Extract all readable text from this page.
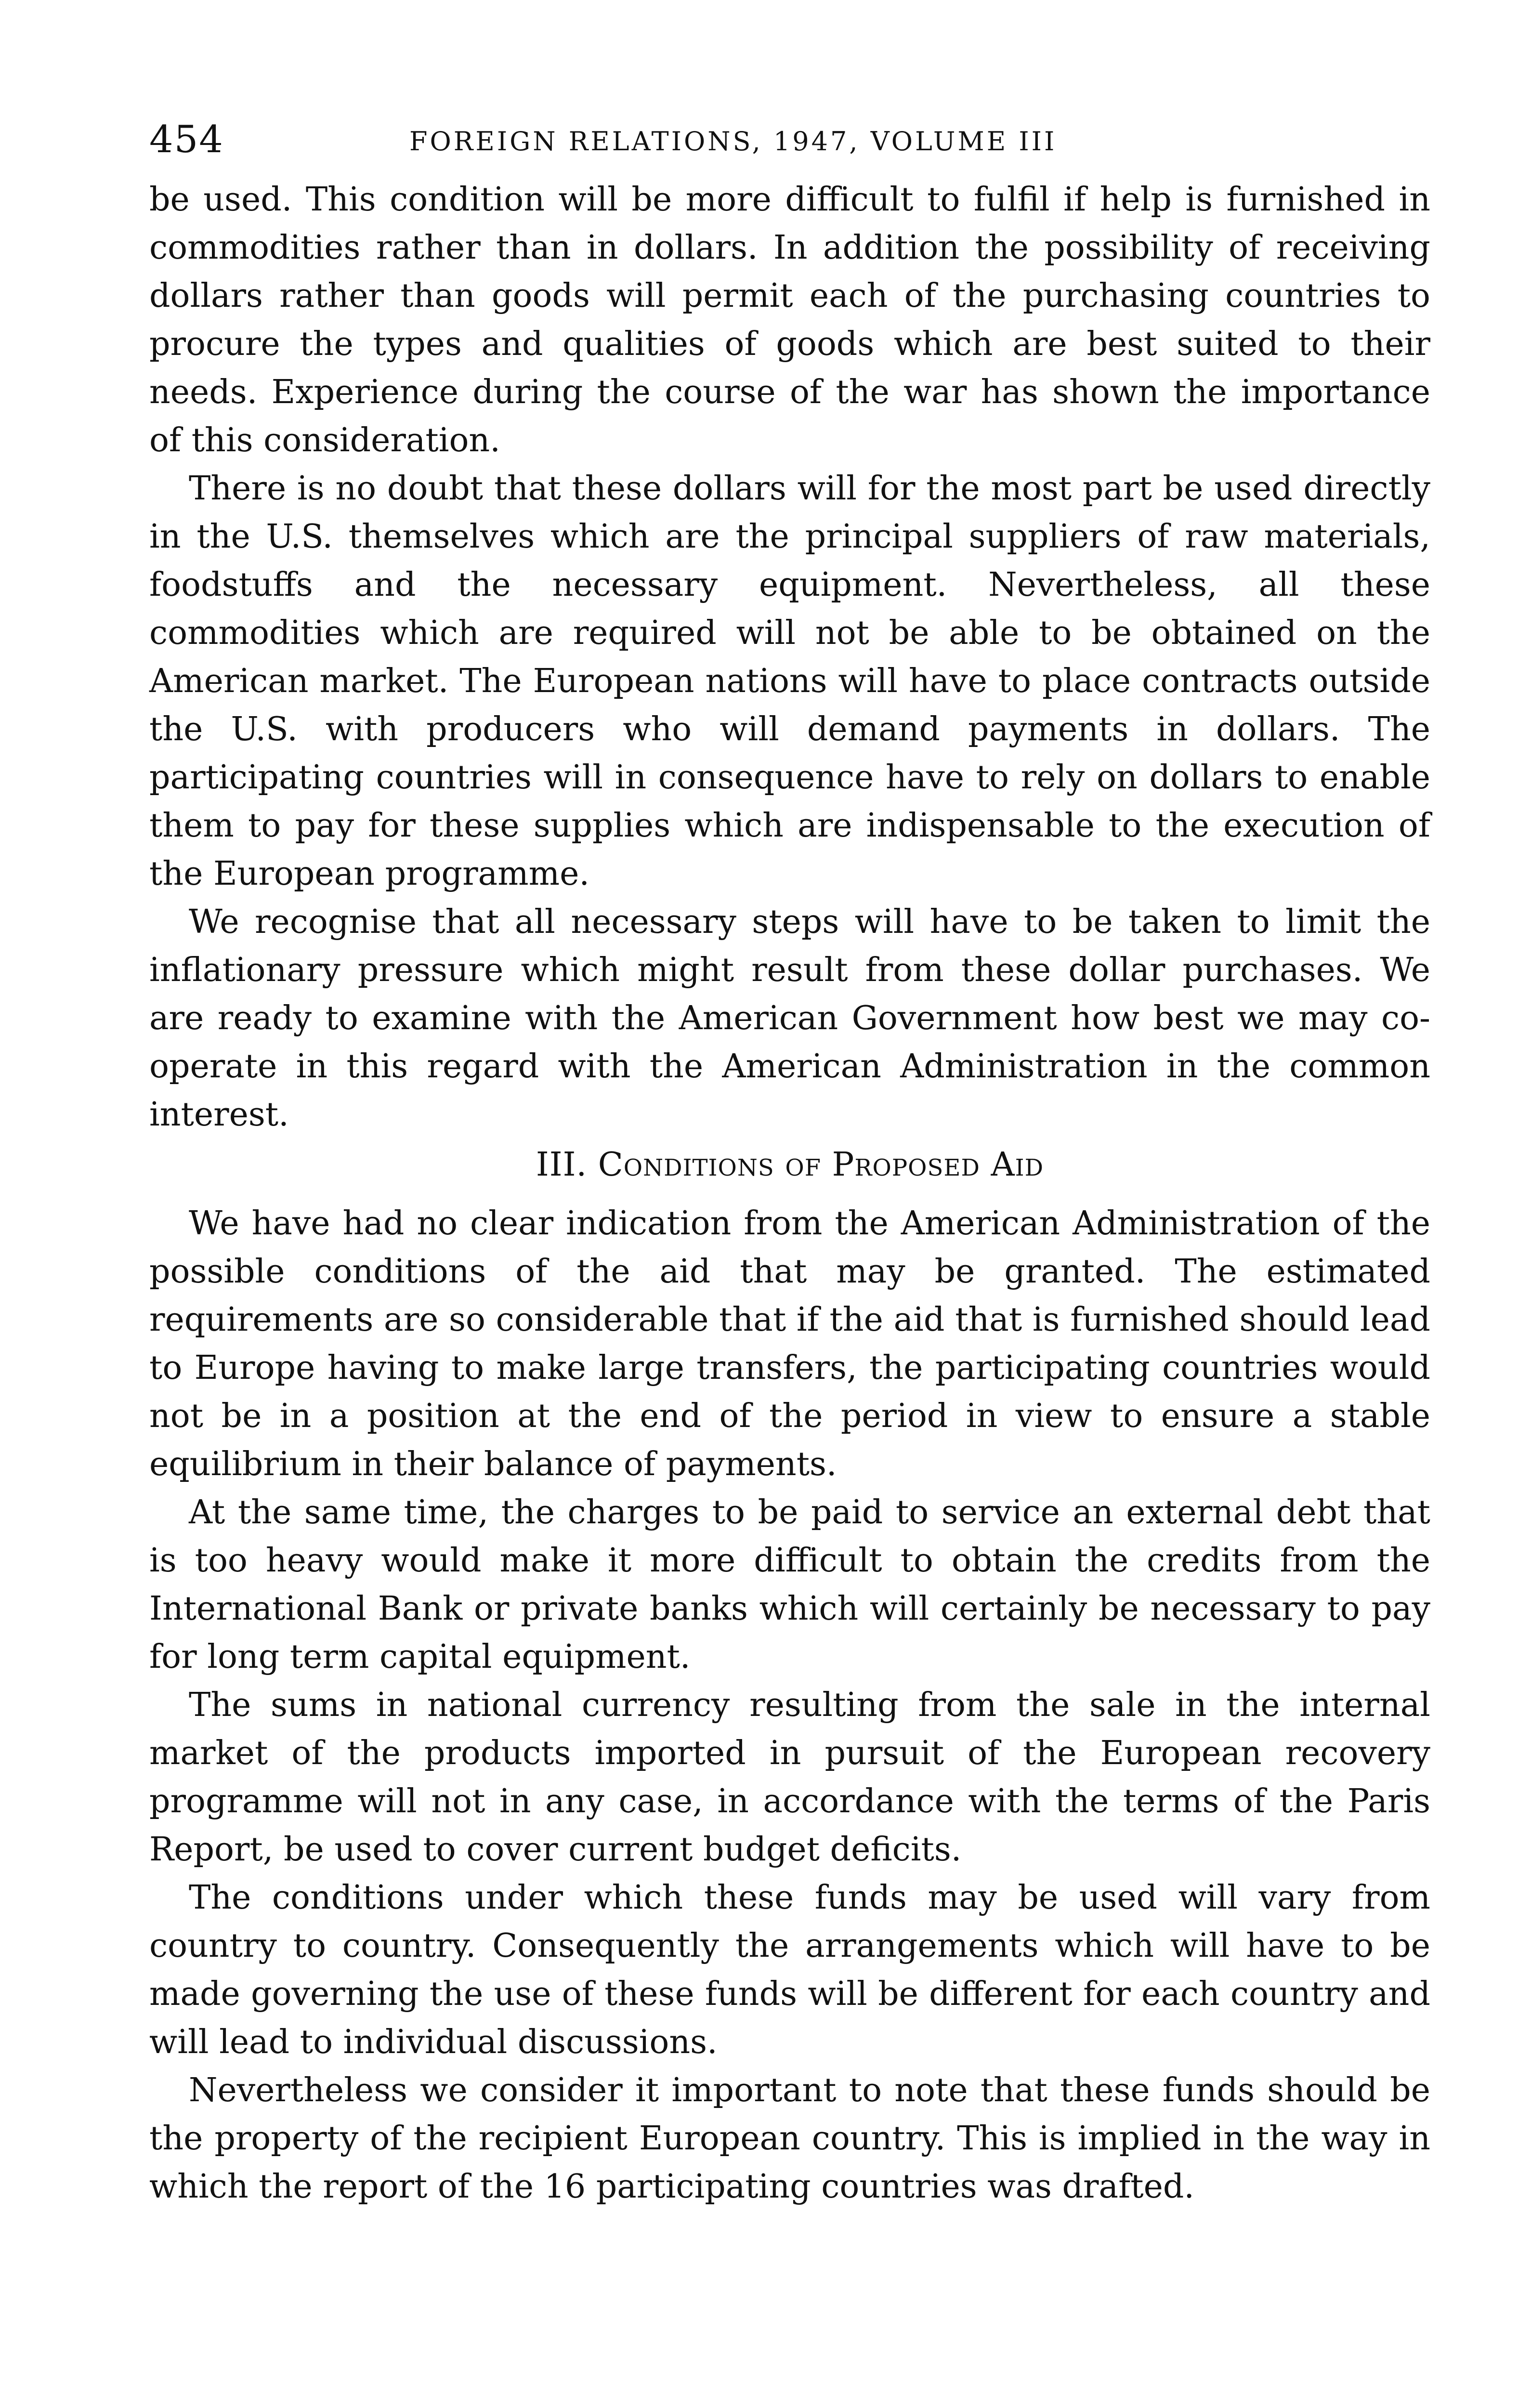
454	FOREIGN RELATIONS, 1947, VOLUME III

be used. This condition will be more difficult to fulfil if help is furnished in commodities rather than in dollars. In addition the possibility of receiving dollars rather than goods will permit each of the purchasing countries to procure the types and qualities of goods which are best suited to their needs. Experience during the course of the war has shown the importance of this consideration.

There is no doubt that these dollars will for the most part be used directly in the U.S. themselves which are the principal suppliers of raw materials, foodstuffs and the necessary equipment. Nevertheless, all these commodities which are required will not be able to be obtained on the American market. The European nations will have to place contracts outside the U.S. with producers who will demand payments in dollars. The participating countries will in consequence have to rely on dollars to enable them to pay for these supplies which are indispensable to the execution of the European programme.

We recognise that all necessary steps will have to be taken to limit the inflationary pressure which might result from these dollar purchases. We are ready to examine with the American Government how best we may co-operate in this regard with the American Administration in the common interest.

III. Conditions of Proposed Aid

We have had no clear indication from the American Administration of the possible conditions of the aid that may be granted. The estimated requirements are so considerable that if the aid that is furnished should lead to Europe having to make large transfers, the participating countries would not be in a position at the end of the period in view to ensure a stable equilibrium in their balance of payments.

At the same time, the charges to be paid to service an external debt that is too heavy would make it more difficult to obtain the credits from the International Bank or private banks which will certainly be necessary to pay for long term capital equipment.

The sums in national currency resulting from the sale in the internal market of the products imported in pursuit of the European recovery programme will not in any case, in accordance with the terms of the Paris Report, be used to cover current budget deficits.

The conditions under which these funds may be used will vary from country to country. Consequently the arrangements which will have to be made governing the use of these funds will be different for each country and will lead to individual discussions.

Nevertheless we consider it important to note that these funds should be the property of the recipient European country. This is implied in the way in which the report of the 16 participating countries was drafted.
